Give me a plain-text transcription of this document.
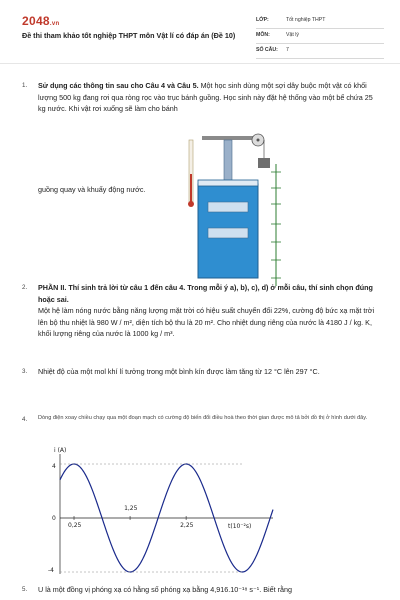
2048.vn
Đề thi tham khảo tốt nghiệp THPT môn Vật lí có đáp án (Đề 10)
LỚP:	Tốt nghiệp THPT
MÔN:	Vật lý
SỐ CÂU: 7
1. Sử dụng các thông tin sau cho Câu 4 và Câu 5. Một học sinh dùng một sợi dây buộc một vật có khối lượng 500 kg đang rơi qua ròng rọc vào trục bánh guồng. Học sinh này đặt hệ thống vào một bể chứa 25 kg nước. Khi vật rơi xuống sẽ làm cho bánh
guồng quay và khuấy động nước.
2. PHẦN II. Thí sinh trả lời từ câu 1 đến câu 4. Trong mỗi ý a), b), c), d) ở mỗi câu, thí sinh chọn đúng hoặc sai.
Một hệ làm nóng nước bằng năng lượng mặt trời có hiệu suất chuyển đổi 22%, cường độ bức xạ mặt trời lên bộ thu nhiệt là 980 W / m², diện tích bộ thu là 20 m². Cho nhiệt dung riêng của nước là 4180 J / kg. K, khối lượng riêng của nước là 1000 kg / m³.
3. Nhiệt độ của một mol khí lí tưởng trong một bình kín được làm tăng từ 12 °C lên 297 °C.
4. Dòng điện xoay chiều chạy qua một đoạn mạch có cường độ biến đổi điều hoà theo thời gian được mô tả bởi đồ thị ở hình dưới đây.
i (A)
t(10⁻²s)
4
0
-4
0,25
1,25
2,25
5. U là một đồng vị phóng xạ có hằng số phóng xạ bằng 4,916.10⁻¹⁸ s⁻¹. Biết rằng
